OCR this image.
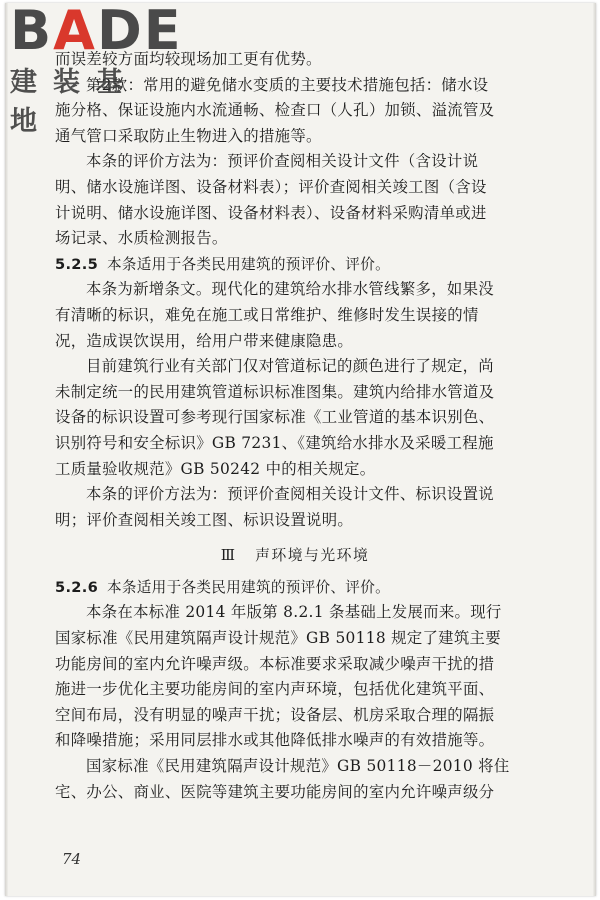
BADE
建装基地
而误差较方面均较现场加工更有优势。
第2款：常用的避免储水变质的主要技术措施包括：储水设
施分格、保证设施内水流通畅、检查口（人孔）加锁、溢流管及
通气管口采取防止生物进入的措施等。
本条的评价方法为：预评价查阅相关设计文件（含设计说
明、储水设施详图、设备材料表）；评价查阅相关竣工图（含设
计说明、储水设施详图、设备材料表）、设备材料采购清单或进
场记录、水质检测报告。
5.2.5 本条适用于各类民用建筑的预评价、评价。
本条为新增条文。现代化的建筑给水排水管线繁多，如果没
有清晰的标识，难免在施工或日常维护、维修时发生误接的情
况，造成误饮误用，给用户带来健康隐患。
目前建筑行业有关部门仅对管道标记的颜色进行了规定，尚
未制定统一的民用建筑管道标识标准图集。建筑内给排水管道及
设备的标识设置可参考现行国家标准《工业管道的基本识别色、
识别符号和安全标识》GB 7231、《建筑给水排水及采暖工程施
工质量验收规范》GB 50242 中的相关规定。
本条的评价方法为：预评价查阅相关设计文件、标识设置说
明；评价查阅相关竣工图、标识设置说明。
Ⅲ 声环境与光环境
5.2.6 本条适用于各类民用建筑的预评价、评价。
本条在本标准 2014 年版第 8.2.1 条基础上发展而来。现行
国家标准《民用建筑隔声设计规范》GB 50118 规定了建筑主要
功能房间的室内允许噪声级。本标准要求采取减少噪声干扰的措
施进一步优化主要功能房间的室内声环境，包括优化建筑平面、
空间布局，没有明显的噪声干扰；设备层、机房采取合理的隔振
和降噪措施；采用同层排水或其他降低排水噪声的有效措施等。
国家标准《民用建筑隔声设计规范》GB 50118－2010 将住
宅、办公、商业、医院等建筑主要功能房间的室内允许噪声级分
74
